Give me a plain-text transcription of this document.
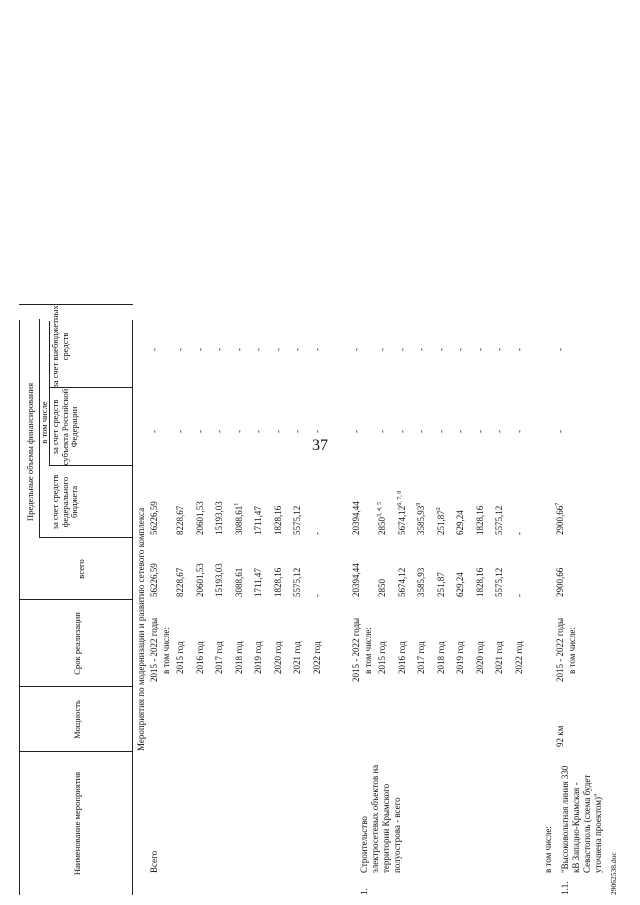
37
Наименование мероприятия
Мощность
Срок реализации
Предельные объемы финансирования
всего
в том числе
за счет средств федерального бюджета
за счет средств субъекта Российской Федерации
за счет внебюджетных средств
Мероприятия по модернизации и развитию сетевого комплекса
Всего
2015 - 2022 годы
56226,59
56226,59
-
-
в том числе: 2015 год
8228,67
8228,67
-
-
2016 год
20601,53
20601,53
-
-
2017 год
15193,03
15193,03
-
-
2018 год
3088,61
3088,61$^1$
-
-
2019 год
1711,47
1711,47
-
-
2020 год
1828,16
1828,16
-
-
2021 год
5575,12
5575,12
-
-
2022 год
-
-
-
-
1.
Строительство электросетевых объектов на территории Крымского полуострова - всего
2015 - 2022 годы
20394,44
20394,44
-
-
в том числе: 2015 год
2850
2850$^{3, 4, 5}$
-
-
2016 год
5674,12
5674,12$^{6, 7, 8}$
-
-
2017 год
3585,93
3585,93$^9$
-
-
2018 год
251,87
251,87$^2$
-
-
2019 год
629,24
629,24
-
-
2020 год
1828,16
1828,16
-
-
2021 год
5575,12
5575,12
-
-
2022 год
-
-
-
-
1.1.
"Высоковольтная линия 330 кВ Западно-Крымская - Севастополь (схема будет уточнена проектом)"
92 км
2015 - 2022 годы
2900,66
2900,66$^7$
-
-
в том числе:
в том числе:
29062538.doc
